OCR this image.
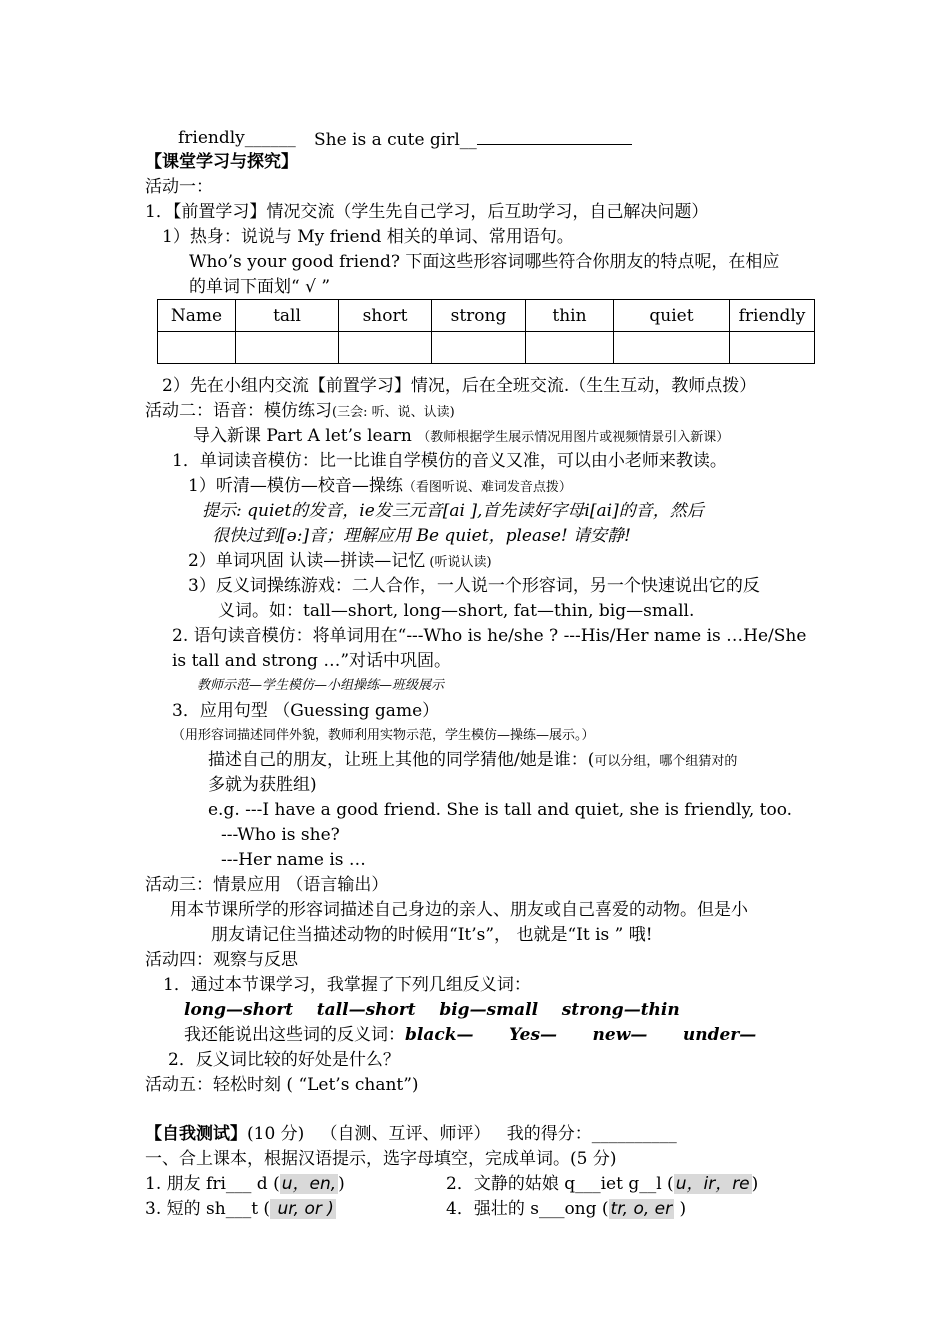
friendly______ She is a cute girl__
【课堂学习与探究】
活动一：
1．【前置学习】情况交流（学生先自己学习，后互助学习，自己解决问题）
1）热身：说说与 My friend 相关的单词、常用语句。
Who’s your good friend? 下面这些形容词哪些符合你朋友的特点呢，在相应
的单词下面划“ √ ”
Name	tall	short	strong	thin	quiet	friendly

2）先在小组内交流【前置学习】情况，后在全班交流.（生生互动，教师点拨）
活动二：语音：模仿练习(三会: 听、说、认读)
导入新课 Part A let’s learn （教师根据学生展示情况用图片或视频情景引入新课）
1．单词读音模仿：比一比谁自学模仿的音义又准，可以由小老师来教读。
1）听清—模仿—校音—操练（看图听说、难词发音点拨）
提示: quiet的发音，ie发三元音[ai ],首先读好字母i[ai]的音，然后
很快过到[ə:]音；理解应用 Be quiet，please! 请安静!
2）单词巩固 认读—拼读—记忆 (听说认读)
3）反义词操练游戏：二人合作，一人说一个形容词，另一个快速说出它的反
义词。如：tall—short, long—short, fat—thin, big—small.
2. 语句读音模仿：将单词用在“---Who is he/she ? ---His/Her name is …He/She
is tall and strong …”对话中巩固。
教师示范—学生模仿—小组操练—班级展示
3．应用句型 （Guessing game）
（用形容词描述同伴外貌，教师利用实物示范，学生模仿—操练—展示。）
描述自己的朋友，让班上其他的同学猜他/她是谁：(可以分组，哪个组猜对的
多就为获胜组)
e.g. ---I have a good friend. She is tall and quiet, she is friendly, too.
---Who is she?
---Her name is …
活动三：情景应用 （语言输出）
用本节课所学的形容词描述自己身边的亲人、朋友或自己喜爱的动物。但是小
朋友请记住当描述动物的时候用“It’s”， 也就是“It is ” 哦!
活动四：观察与反思
1．通过本节课学习，我掌握了下列几组反义词：
long—short    tall—short    big—small    strong—thin
我还能说出这些词的反义词：black—      Yes—      new—      under—
2．反义词比较的好处是什么？
活动五：轻松时刻 ( “Let’s chant”)
【自我测试】(10 分)   （自测、互评、师评）   我的得分：__________
一、合上课本，根据汉语提示，选字母填空，完成单词。(5 分)
1. 朋友 fri___ d ( u，en, )	2．文静的姑娘 q___iet g__l ( u，ir，re )
3. 短的 sh___t ( ur, or )	4．强壮的 s___ong ( tr, o, er )
